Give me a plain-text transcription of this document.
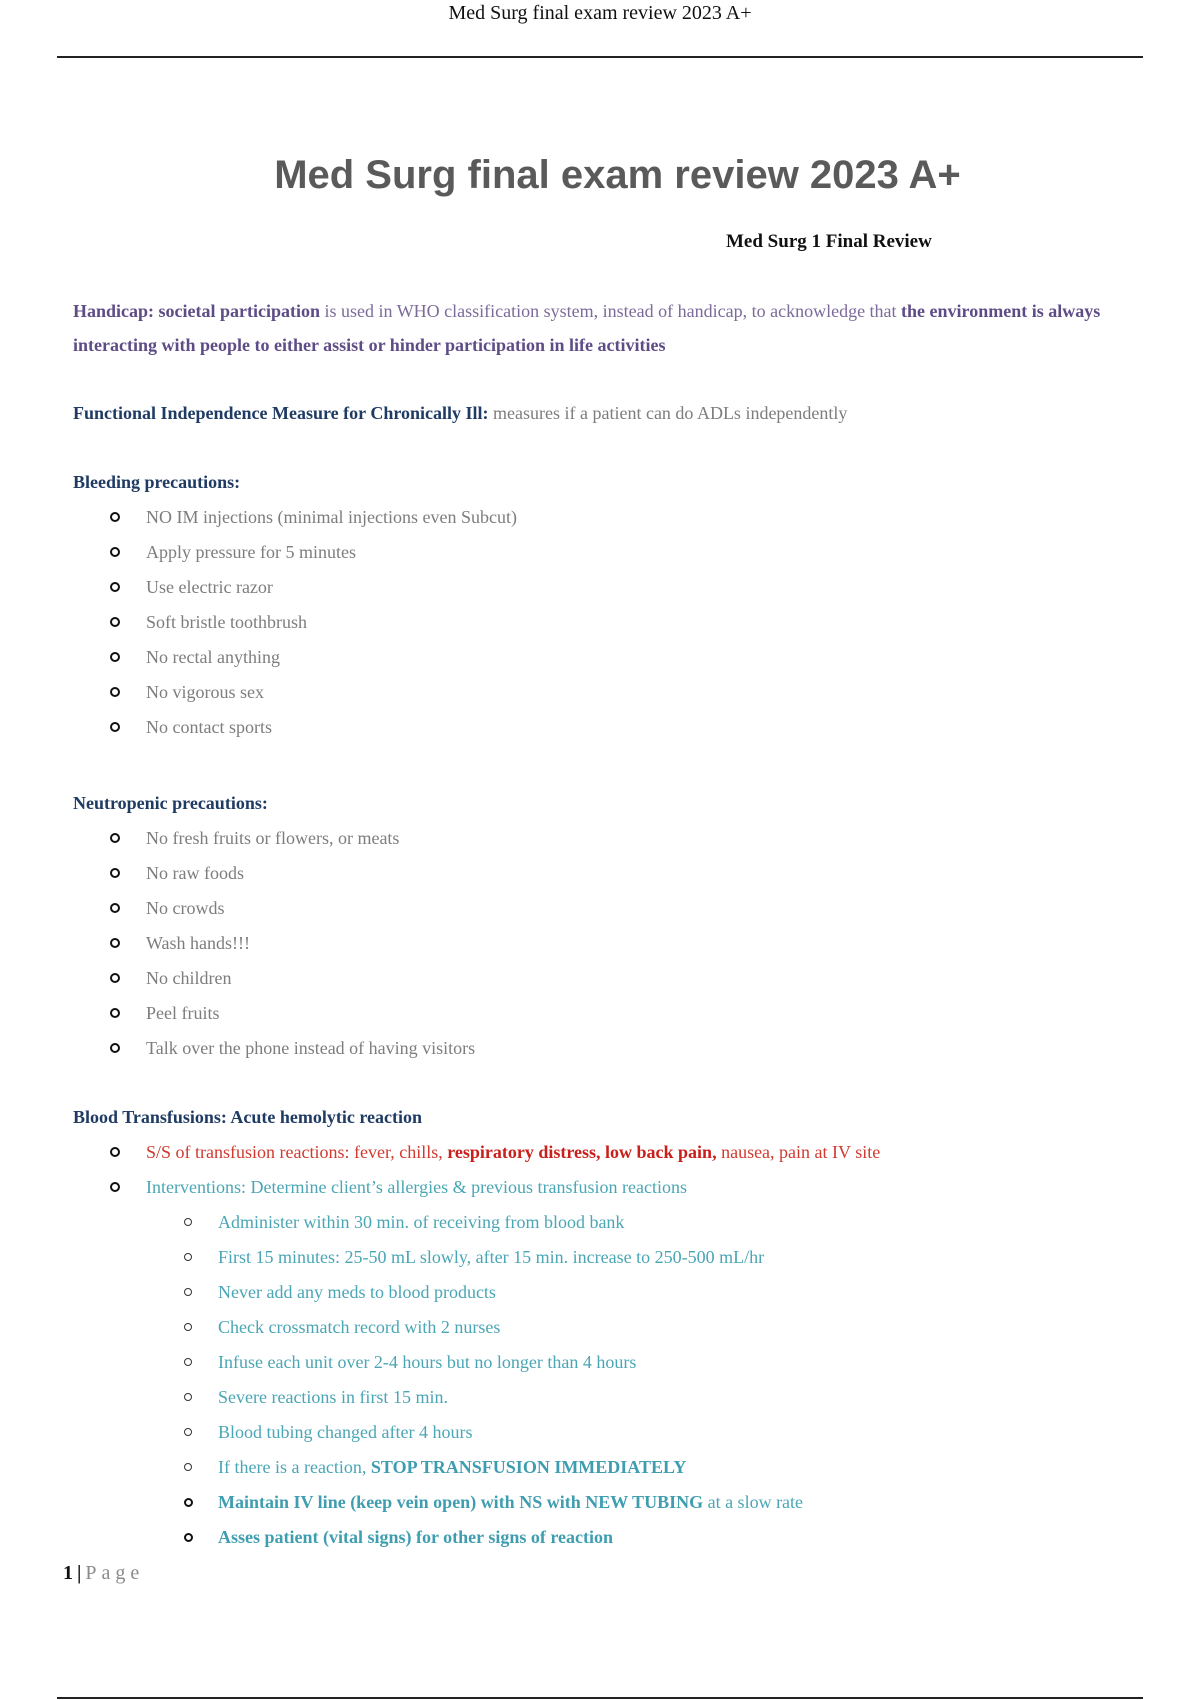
Med Surg final exam review 2023 A+
Med Surg final exam review 2023 A+
Med Surg 1 Final Review

Handicap: societal participation is used in WHO classification system, instead of handicap, to acknowledge that the environment is always interacting with people to either assist or hinder participation in life activities

Functional Independence Measure for Chronically Ill: measures if a patient can do ADLs independently

Bleeding precautions:

NO IM injections (minimal injections even Subcut)
Apply pressure for 5 minutes
Use electric razor
Soft bristle toothbrush
No rectal anything
No vigorous sex
No contact sports

Neutropenic precautions:

No fresh fruits or flowers, or meats
No raw foods
No crowds
Wash hands!!!
No children
Peel fruits
Talk over the phone instead of having visitors

Blood Transfusions: Acute hemolytic reaction

S/S of transfusion reactions: fever, chills, respiratory distress, low back pain, nausea, pain at IV site
Interventions: Determine client’s allergies & previous transfusion reactions
Administer within 30 min. of receiving from blood bank
First 15 minutes: 25-50 mL slowly, after 15 min. increase to 250-500 mL/hr
Never add any meds to blood products
Check crossmatch record with 2 nurses
Infuse each unit over 2-4 hours but no longer than 4 hours
Severe reactions in first 15 min.
Blood tubing changed after 4 hours
If there is a reaction, STOP TRANSFUSION IMMEDIATELY
Maintain IV line (keep vein open) with NS with NEW TUBING at a slow rate
Asses patient (vital signs) for other signs of reaction
1 | Page
